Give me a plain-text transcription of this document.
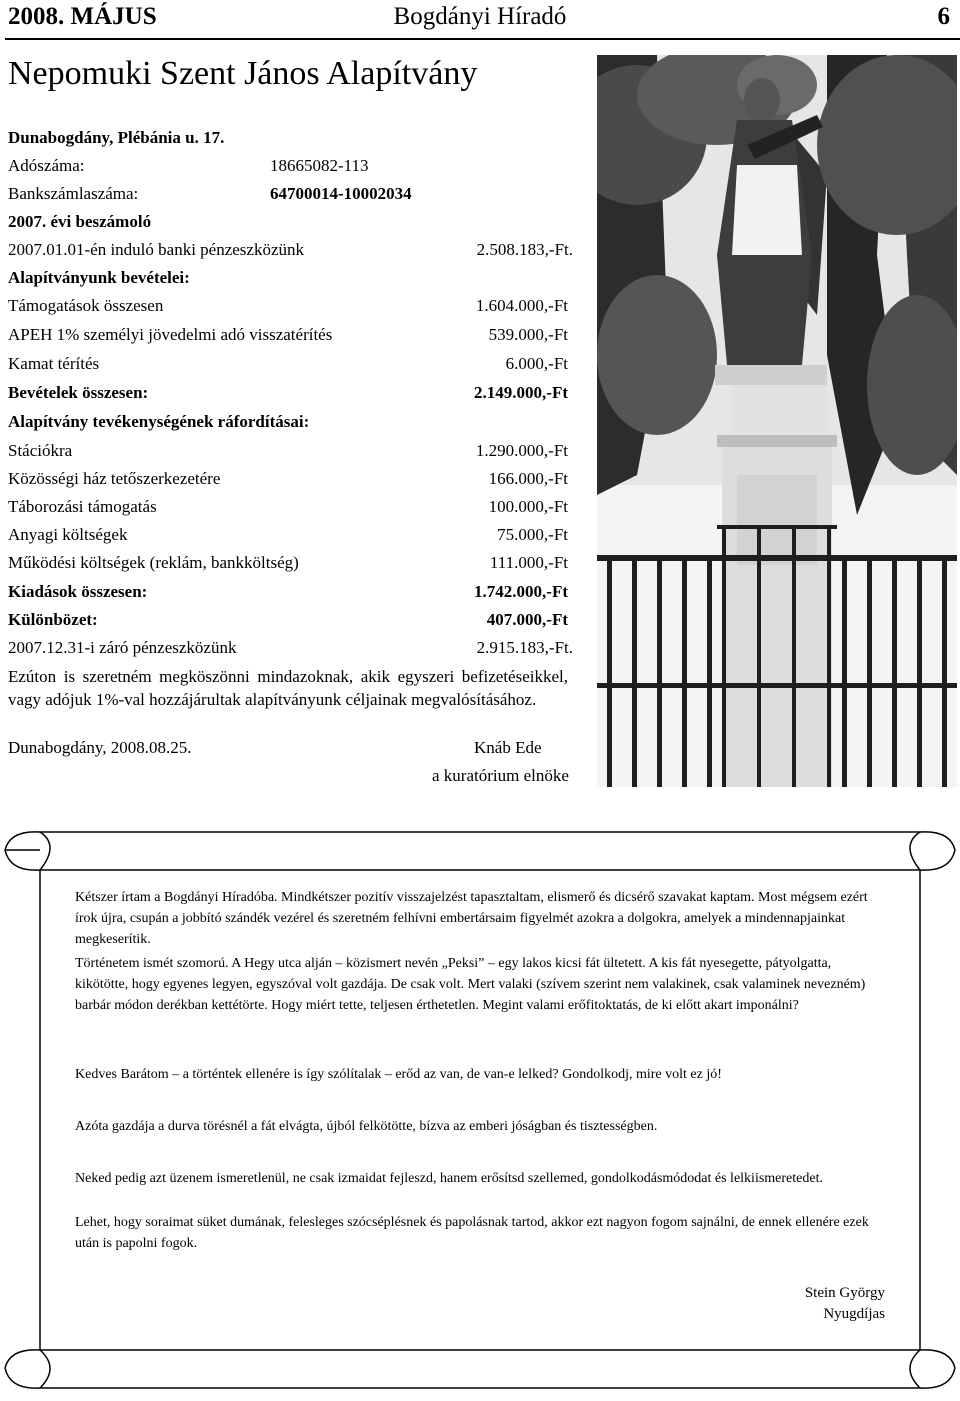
2008. MÁJUS	Bogdányi Híradó	6
Nepomuki Szent János Alapítvány
Dunabogdány, Plébánia u. 17.
Adószáma:	18665082-113
Bankszámlaszáma:	64700014-10002034
2007. évi beszámoló
2007.01.01-én induló banki pénzeszközünk	2.508.183,-Ft.
Alapítványunk bevételei:
Támogatások összesen	1.604.000,-Ft
APEH 1% személyi jövedelmi adó visszatérítés	539.000,-Ft
Kamat térítés	6.000,-Ft
Bevételek összesen:	2.149.000,-Ft
Alapítvány tevékenységének ráfordításai:
Stációkra	1.290.000,-Ft
Közösségi ház tetőszerkezetére	166.000,-Ft
Táborozási támogatás	100.000,-Ft
Anyagi költségek	75.000,-Ft
Működési költségek (reklám, bankköltség)	111.000,-Ft
Kiadások összesen:	1.742.000,-Ft
Különbözet:	407.000,-Ft
2007.12.31-i záró pénzeszközünk	2.915.183,-Ft.
Ezúton is szeretném megköszönni mindazoknak, akik egyszeri befizetéseikkel, vagy adójuk 1%-val hozzájárultak alapítványunk céljainak megvalósításához.
Dunabogdány, 2008.08.25.	Knáb Ede
a kuratórium elnöke
Kétszer írtam a Bogdányi Híradóba. Mindkétszer pozitív visszajelzést tapasztaltam, elismerő és dicsérő szavakat kaptam. Most mégsem ezért írok újra, csupán a jobbító szándék vezérel és szeretném felhívni embertársaim figyelmét azokra a dolgokra, amelyek a mindennapjainkat megkeserítik.
Történetem ismét szomorú. A Hegy utca alján – közismert nevén „Peksi” – egy lakos kicsi fát ültetett. A kis fát nyesegette, pátyolgatta, kikötötte, hogy egyenes legyen, egyszóval volt gazdája. De csak volt. Mert valaki (szívem szerint nem valakinek, csak valaminek nevezném) barbár módon derékban kettétörte. Hogy miért tette, teljesen érthetetlen. Megint valami erőfitoktatás, de ki előtt akart imponálni?
Kedves Barátom – a történtek ellenére is így szólítalak – erőd az van, de van-e lelked? Gondolkodj, mire volt ez jó!
Azóta gazdája a durva törésnél a fát elvágta, újból felkötötte, bízva az emberi jóságban és tisztességben.
Neked pedig azt üzenem ismeretlenül, ne csak izmaidat fejleszd, hanem erősítsd szellemed, gondolkodásmódodat és lelkiismeretedet.
Lehet, hogy soraimat süket dumának, felesleges szócséplésnek és papolásnak tartod, akkor ezt nagyon fogom sajnálni, de ennek ellenére ezek után is papolni fogok.
Stein György
Nyugdíjas
